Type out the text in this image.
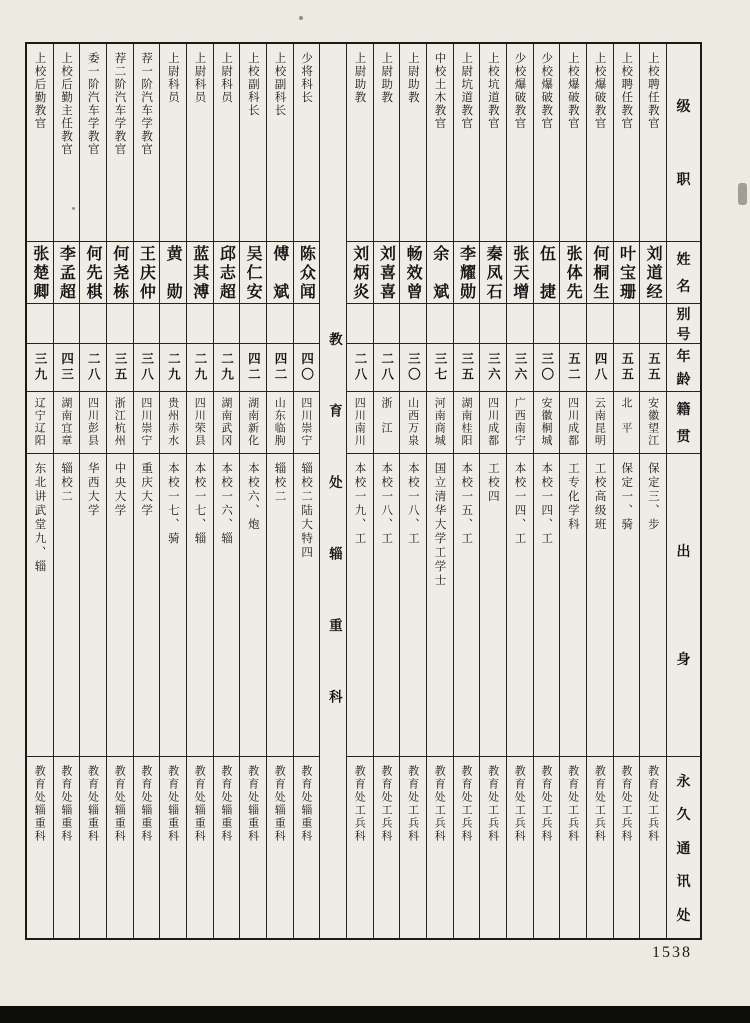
级
职
姓
名
别
号
年
龄
籍
贯
出
身
永
久
通
讯
处
上校聘任教官
刘道经
五五
安徽望江
保定三、步
教育处工兵科
上校聘任教官
叶宝珊
五五
北　平
保定一、骑
教育处工兵科
上校爆破教官
何桐生
四八
云南昆明
工校高级班
教育处工兵科
上校爆破教官
张体先
五二
四川成都
工专化学科
教育处工兵科
少校爆破教官
伍　捷
三〇
安徽桐城
本校一四、工
教育处工兵科
少校爆破教官
张天增
三六
广西南宁
本校一四、工
教育处工兵科
上校坑道教官
秦凤石
三六
四川成都
工校四
教育处工兵科
上尉坑道教官
李耀勋
三五
湖南桂阳
本校一五、工
教育处工兵科
中校土木教官
余　斌
三七
河南商城
国立清华大学工学士
教育处工兵科
上尉助教
畅效曾
三〇
山西万泉
本校一八、工
教育处工兵科
上尉助教
刘喜喜
二八
浙　江
本校一八、工
教育处工兵科
上尉助教
刘炳炎
二八
四川南川
本校一九、工
教育处工兵科
教育处辎重科
少将科长
陈众闻
四〇
四川崇宁
辎校二陆大特四
教育处辎重科
上校副科长
傅　斌
四二
山东临朐
辎校二
教育处辎重科
上校副科长
吴仁安
四二
湖南新化
本校六、炮
教育处辎重科
上尉科员
邱志超
二九
湖南武冈
本校一六、辎
教育处辎重科
上尉科员
蓝其溥
二九
四川荣县
本校一七、辎
教育处辎重科
上尉科员
黄　勋
二九
贵州赤水
本校一七、骑
教育处辎重科
荐一阶汽车学教官
王庆仲
三八
四川崇宁
重庆大学
教育处辎重科
荐二阶汽车学教官
何尧栋
三五
浙江杭州
中央大学
教育处辎重科
委一阶汽车学教官
何先棋
二八
四川彭县
华西大学
教育处辎重科
上校后勤主任教官
李孟超
四三
湖南宜章
辎校二
教育处辎重科
上校后勤教官
张楚卿
三九
辽宁辽阳
东北讲武堂九、辎
教育处辎重科
1538
